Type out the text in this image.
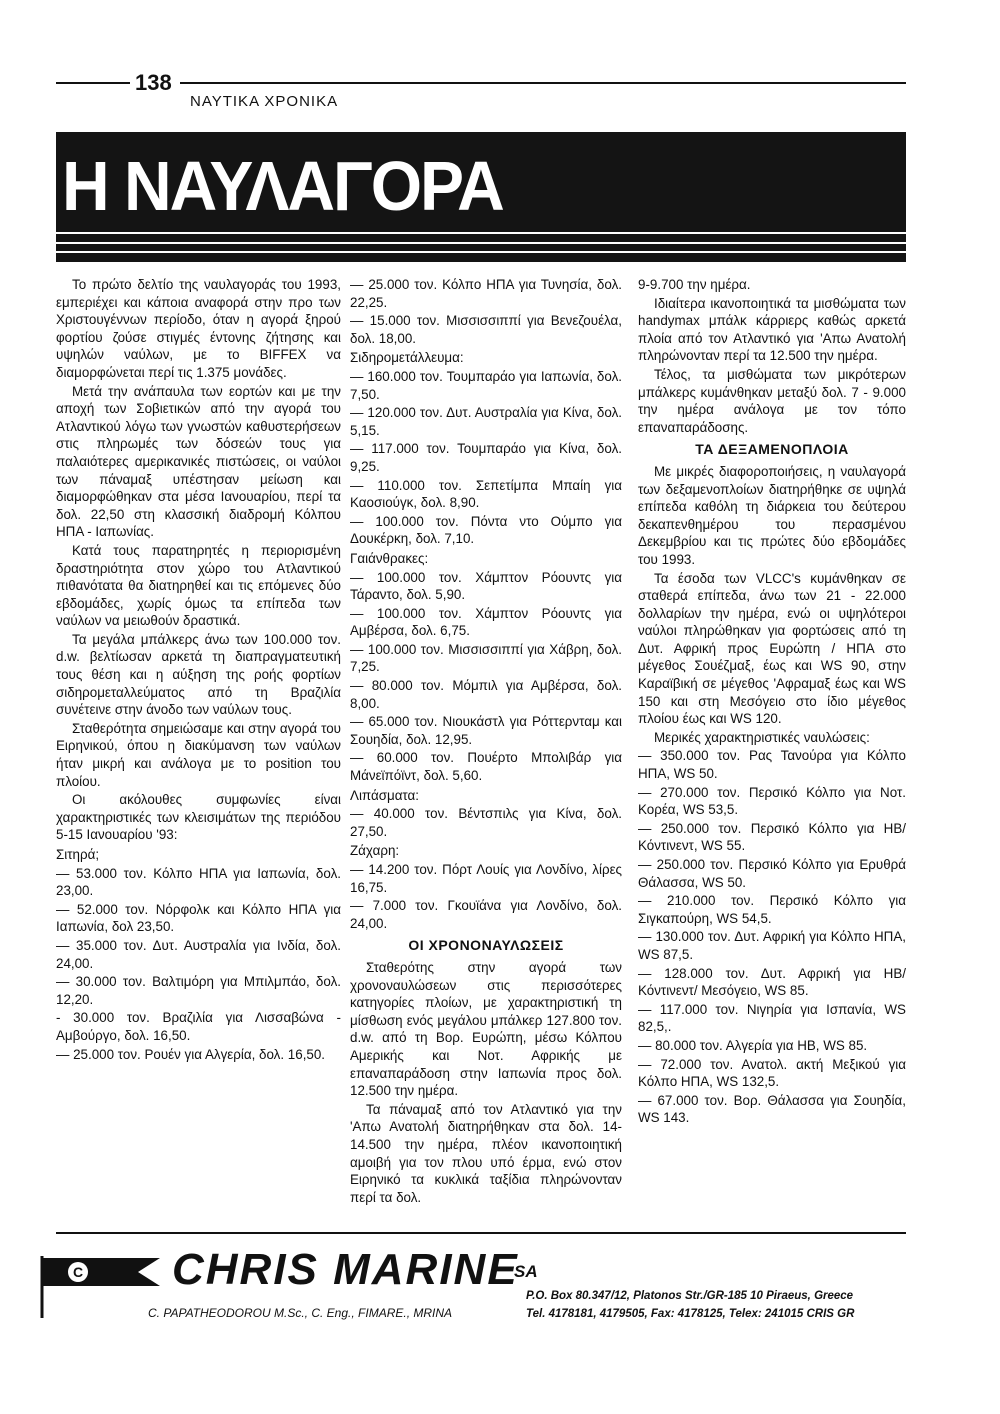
138
ΝΑΥΤΙΚΑ ΧΡΟΝΙΚΑ
Η ΝΑΥΛΑΓΟΡΑ

Το πρώτο δελτίο της ναυλαγοράς του 1993, εμπεριέχει και κάποια αναφορά στην προ των Χριστουγέννων περίοδο, όταν η αγορά ξηρού φορτίου ζούσε στιγμές έντονης ζήτησης και υψηλών ναύλων, με το BIFFEX να διαμορφώνεται περί τις 1.375 μονάδες.

Μετά την ανάπαυλα των εορτών και με την αποχή των Σοβιετικών από την αγορά του Ατλαντικού λόγω των γνωστών καθυστερήσεων στις πληρωμές των δόσεών τους για παλαιότερες αμερικανικές πιστώσεις, οι ναύλοι των πάναμαξ υπέστησαν μείωση και διαμορφώθηκαν στα μέσα Ιανουαρίου, περί τα δολ. 22,50 στη κλασσική διαδρομή Κόλπου ΗΠΑ - Ιαπωνίας.

Κατά τους παρατηρητές η περιορισμένη δραστηριότητα στον χώρο του Ατλαντικού πιθανότατα θα διατηρηθεί και τις επόμενες δύο εβδομάδες, χωρίς όμως τα επίπεδα των ναύλων να μειωθούν δραστικά.

Τα μεγάλα μπάλκερς άνω των 100.000 τον. d.w. βελτίωσαν αρκετά τη διαπραγματευτική τους θέση και η αύξηση της ροής φορτίων σιδηρομεταλλεύματος από τη Βραζιλία συνέτεινε στην άνοδο των ναύλων τους.

Σταθερότητα σημειώσαμε και στην αγορά του Ειρηνικού, όπου η διακύμανση των ναύλων ήταν μικρή και ανάλογα με το position του πλοίου.

Οι ακόλουθες συμφωνίες είναι χαρακτηριστικές των κλεισιμάτων της περιόδου 5-15 Ιανουαρίου '93:

Σιτηρά;

— 53.000 τον. Κόλπο ΗΠΑ για Ιαπωνία, δολ. 23,00.

— 52.000 τον. Νόρφολκ και Κόλπο ΗΠΑ για Ιαπωνία, δολ 23,50.

— 35.000 τον. Δυτ. Αυστραλία για Ινδία, δολ. 24,00.

— 30.000 τον. Βαλτιμόρη για Μπιλμπάο, δολ. 12,20.

- 30.000 τον. Βραζιλία για Λισσαβώνα - Αμβούργο, δολ. 16,50.

— 25.000 τον. Ρουέν για Αλγερία, δολ. 16,50.

— 25.000 τον. Κόλπο ΗΠΑ για Τυνησία, δολ. 22,25.

— 15.000 τον. Μισσισσιππί για Βενεζουέλα, δολ. 18,00.

Σιδηρομετάλλευμα:

— 160.000 τον. Τουμπαράο για Ιαπωνία, δολ. 7,50.

— 120.000 τον. Δυτ. Αυστραλία για Κίνα, δολ. 5,15.

— 117.000 τον. Τουμπαράο για Κίνα, δολ. 9,25.

— 110.000 τον. Σεπετίμπα Μπαίη για Καοσιούγκ, δολ. 8,90.

— 100.000 τον. Πόντα ντο Ούμπο για Δουκέρκη, δολ. 7,10.

Γαιάνθρακες:

— 100.000 τον. Χάμπτον Ρόουντς για Τάραντο, δολ. 5,90.

— 100.000 τον. Χάμπτον Ρόουντς για Αμβέρσα, δολ. 6,75.

— 100.000 τον. Μισσισσιππί για Χάβρη, δολ. 7,25.

— 80.000 τον. Μόμπιλ για Αμβέρσα, δολ. 8,00.

— 65.000 τον. Νιουκάστλ για Ρόττερνταμ και Σουηδία, δολ. 12,95.

— 60.000 τον. Πουέρτο Μπολιβάρ για Μάνεϊπόϊντ, δολ. 5,60.

Λιπάσματα:

— 40.000 τον. Βέντσπιλς για Κίνα, δολ. 27,50.

Ζάχαρη:

— 14.200 τον. Πόρτ Λουίς για Λονδίνο, λίρες 16,75.

— 7.000 τον. Γκουϊάνα για Λονδίνο, δολ. 24,00.

ΟΙ ΧΡΟΝΟΝΑΥΛΩΣΕΙΣ

Σταθερότης στην αγορά των χρονοναυλώσεων στις περισσότερες κατηγορίες πλοίων, με χαρακτηριστική τη μίσθωση ενός μεγάλου μπάλκερ 127.800 τον. d.w. από τη Βορ. Ευρώπη, μέσω Κόλπου Αμερικής και Νοτ. Αφρικής με επαναπαράδοση στην Ιαπωνία προς δολ. 12.500 την ημέρα.

Τα πάναμαξ από τον Ατλαντικό για την 'Απω Ανατολή διατηρήθηκαν στα δολ. 14-14.500 την ημέρα, πλέον ικανοποιητική αμοιβή για τον πλου υπό έρμα, ενώ στον Ειρηνικό τα κυκλικά ταξίδια πληρώνονταν περί τα δολ.

9-9.700 την ημέρα.

Ιδιαίτερα ικανοποιητικά τα μισθώματα των handymax μπάλκ κάρριερς καθώς αρκετά πλοία από τον Ατλαντικό για 'Απω Ανατολή πληρώνονταν περί τα 12.500 την ημέρα.

Τέλος, τα μισθώματα των μικρότερων μπάλκερς κυμάνθηκαν μεταξύ δολ. 7 - 9.000 την ημέρα ανάλογα με τον τόπο επαναπαράδοσης.

ΤΑ ΔΕΞΑΜΕΝΟΠΛΟΙΑ

Με μικρές διαφοροποιήσεις, η ναυλαγορά των δεξαμενοπλοίων διατηρήθηκε σε υψηλά επίπεδα καθόλη τη διάρκεια του δεύτερου δεκαπενθημέρου του περασμένου Δεκεμβρίου και τις πρώτες δύο εβδομάδες του 1993.

Τα έσοδα των VLCC's κυμάνθηκαν σε σταθερά επίπεδα, άνω των 21 - 22.000 δολλαρίων την ημέρα, ενώ οι υψηλότεροι ναύλοι πληρώθηκαν για φορτώσεις από τη Δυτ. Αφρική προς Ευρώπη / ΗΠΑ στο μέγεθος Σουέζμαξ, έως και WS 90, στην Καραϊβική σε μέγεθος 'Αφραμαξ έως και WS 150 και στη Μεσόγειο στο ίδιο μέγεθος πλοίου έως και WS 120.

Μερικές χαρακτηριστικές ναυλώσεις:

— 350.000 τον. Ρας Τανούρα για Κόλπο ΗΠΑ, WS 50.

— 270.000 τον. Περσικό Κόλπο για Νοτ. Κορέα, WS 53,5.

— 250.000 τον. Περσικό Κόλπο για ΗΒ/ Κόντινεντ, WS 55.

— 250.000 τον. Περσικό Κόλπο για Ερυθρά Θάλασσα, WS 50.

— 210.000 τον. Περσικό Κόλπο για Σιγκαπούρη, WS 54,5.

— 130.000 τον. Δυτ. Αφρική για Κόλπο ΗΠΑ, WS 87,5.

— 128.000 τον. Δυτ. Αφρική για ΗΒ/ Κόντινεντ/ Μεσόγειο, WS 85.

— 117.000 τον. Νιγηρία για Ισπανία, WS 82,5,.

— 80.000 τον. Αλγερία για ΗΒ, WS 85.

— 72.000 τον. Ανατολ. ακτή Μεξικού για Κόλπο ΗΠΑ, WS 132,5.

— 67.000 τον. Βορ. Θάλασσα για Σουηδία, WS 143.

C CHRIS MARINE
SA
C. PAPATHEODOROU M.Sc., C. Eng., FIMARE., MRINA
P.O. Box 80.347/12, Platonos Str./GR-185 10 Piraeus, Greece
Tel. 4178181, 4179505, Fax: 4178125, Telex: 241015 CRIS GR
